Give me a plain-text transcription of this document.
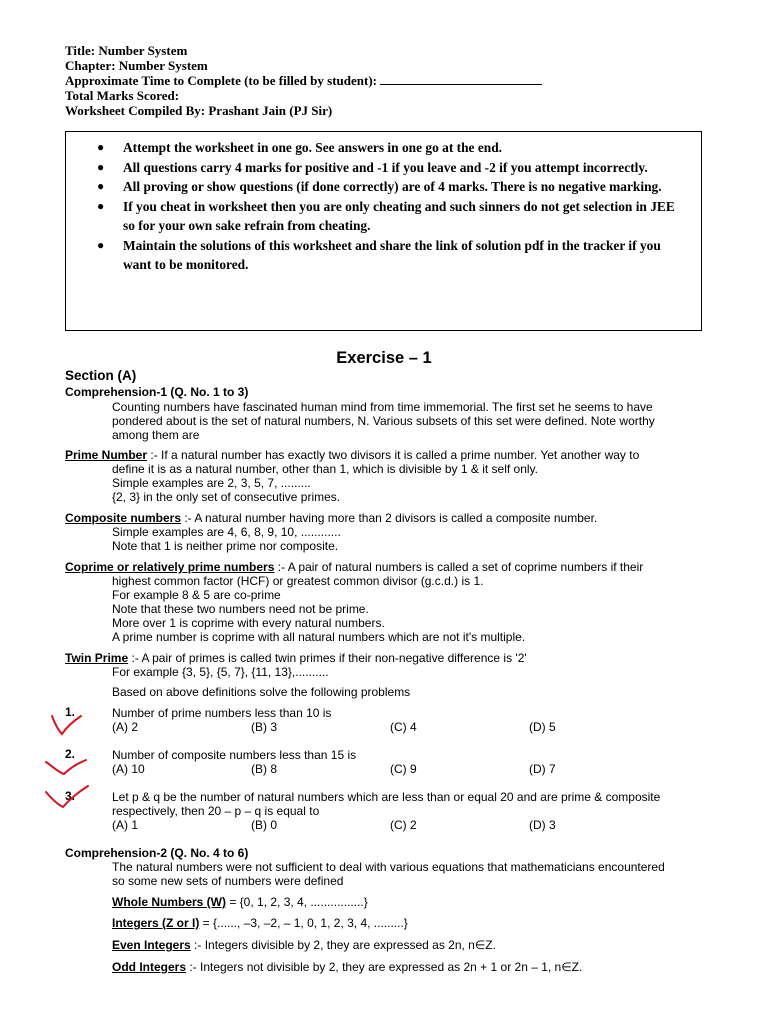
Title: Number System
Chapter: Number System
Approximate Time to Complete (to be filled by student):
Total Marks Scored:
Worksheet Compiled By: Prashant Jain (PJ Sir)
● Attempt the worksheet in one go. See answers in one go at the end.
● All questions carry 4 marks for positive and -1 if you leave and -2 if you attempt incorrectly.
● All proving or show questions (if done correctly) are of 4 marks. There is no negative marking.
● If you cheat in worksheet then you are only cheating and such sinners do not get selection in JEE so for your own sake refrain from cheating.
● Maintain the solutions of this worksheet and share the link of solution pdf in the tracker if you want to be monitored.
Exercise – 1
Section (A)
Comprehension-1 (Q. No. 1 to 3)
Counting numbers have fascinated human mind from time immemorial. The first set he seems to have
pondered about is the set of natural numbers, N. Various subsets of this set were defined. Note worthy
among them are
Prime Number :- If a natural number has exactly two divisors it is called a prime number. Yet another way to
define it is as a natural number, other than 1, which is divisible by 1 & it self only.
Simple examples are 2, 3, 5, 7, .........
{2, 3} in the only set of consecutive primes.
Composite numbers :- A natural number having more than 2 divisors is called a composite number.
Simple examples are 4, 6, 8, 9, 10, ............
Note that 1 is neither prime nor composite.
Coprime or relatively prime numbers :- A pair of natural numbers is called a set of coprime numbers if their
highest common factor (HCF) or greatest common divisor (g.c.d.) is 1.
For example 8 & 5 are co-prime
Note that these two numbers need not be prime.
More over 1 is coprime with every natural numbers.
A prime number is coprime with all natural numbers which are not it's multiple.
Twin Prime :- A pair of primes is called twin primes if their non-negative difference is '2'
For example {3, 5}, {5, 7}, {11, 13},..........
Based on above definitions solve the following problems
1.	Number of prime numbers less than 10 is
(A) 2	(B) 3	(C) 4	(D) 5
2.	Number of composite numbers less than 15 is
(A) 10	(B) 8	(C) 9	(D) 7
3.	Let p & q be the number of natural numbers which are less than or equal 20 and are prime & composite
respectively, then 20 – p – q is equal to
(A) 1	(B) 0	(C) 2	(D) 3
Comprehension-2 (Q. No. 4 to 6)
The natural numbers were not sufficient to deal with various equations that mathematicians encountered
so some new sets of numbers were defined
Whole Numbers (W) = {0, 1, 2, 3, 4, ................}
Integers (Z or I) = {......, –3, –2, – 1, 0, 1, 2, 3, 4, .........}
Even Integers :- Integers divisible by 2, they are expressed as 2n, n∈Z.
Odd Integers :- Integers not divisible by 2, they are expressed as 2n + 1 or 2n – 1, n∈Z.
